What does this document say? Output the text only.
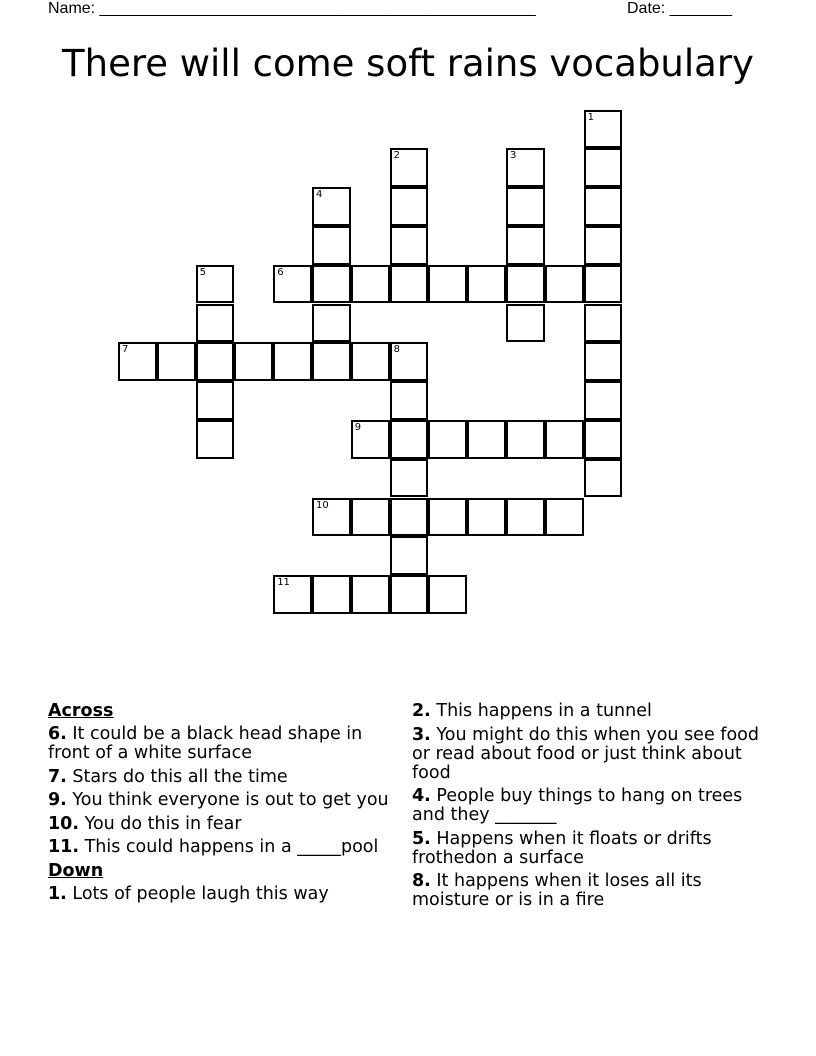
Name: _________________________________________________	Date: _______
There will come soft rains vocabulary
1
2	3
4
5	6
7	8
9
10
11
Across
6. It could be a black head shape in front of a white surface
7. Stars do this all the time
9. You think everyone is out to get you
10. You do this in fear
11. This could happens in a _____pool
Down
1. Lots of people laugh this way
2. This happens in a tunnel
3. You might do this when you see food or read about food or just think about food
4. People buy things to hang on trees and they _______
5. Happens when it floats or drifts frothedon a surface
8. It happens when it loses all its moisture or is in a fire
